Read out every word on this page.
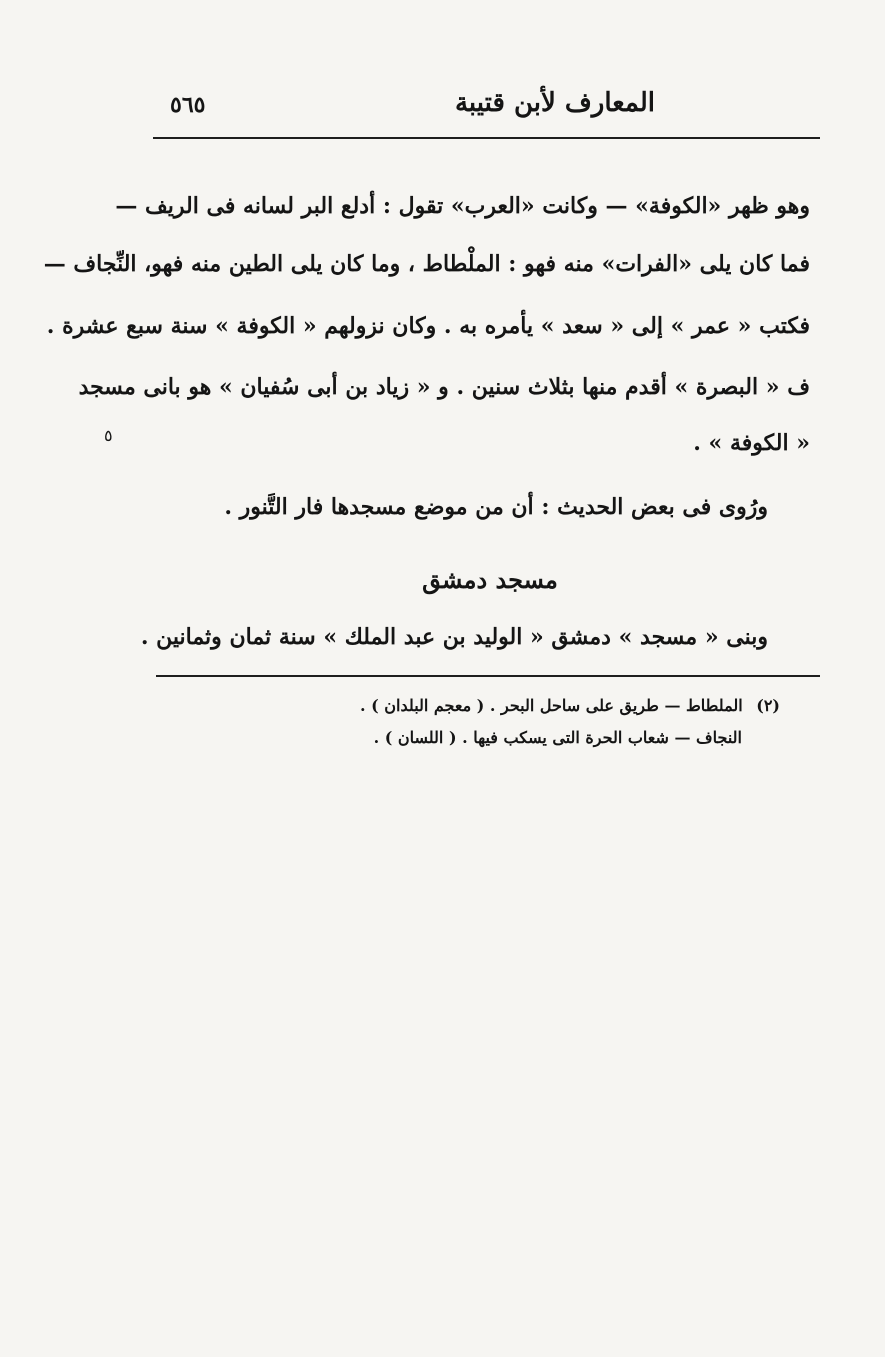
٥٦٥	المعارف لأبن قتيبة
وهو ظهر «الكوفة» — وكانت «العرب» تقول : أدلع البر لسانه فى الريف —
فما كان يلى «الفرات» منه فهو : الملْطاط ، وما كان يلى الطين منه فهو، النِّجاف —
فكتب « عمر » إلى « سعد » يأمره به . وكان نزولهم « الكوفة » سنة سبع عشرة .
ف « البصرة » أقدم منها بثلاث سنين . و « زياد بن أبى سُفيان » هو بانى مسجد
« الكوفة » .
ورُوى فى بعض الحديث : أن من موضع مسجدها فار التَّنور .
٥
مسجد دمشق
وبنى « مسجد » دمشق « الوليد بن عبد الملك » سنة ثمان وثمانين .
(٢) الملطاط — طريق على ساحل البحر . ( معجم البلدان ) .
النجاف — شعاب الحرة التى يسكب فيها . ( اللسان ) .
